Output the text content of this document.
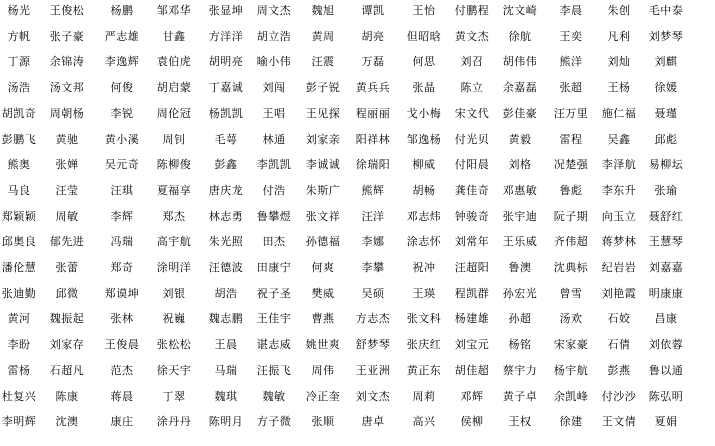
杨光	王俊松	杨鹏	邹邓华	张显坤	周文杰	魏旭	谭凯	王怡	付鹏程	沈文崎	李晨	朱创	毛中泰
方帆	张子豪	严志雄	甘鑫	方洋洋	胡立浩	黄周	胡亮	但昭晗	黄文杰	徐航	王奕	凡利	刘梦琴
丁源	余锦涛	李逸辉	袁伯虎	胡明亮	喻小伟	汪震	万磊	何思	刘召	胡伟伟	熊洋	刘灿	刘麒
汤浩	汤文邦	何俊	胡启蒙	丁嘉诚	刘闯	彭子锐	黄兵兵	张晶	陈立	余嘉磊	张超	王杨	徐媛
胡凯奇	周朝杨	李锐	周伦冠	杨凯凯	王唱	王见探	程丽丽	戈小梅	宋文代	彭佳豪	汪万里	施仁福	聂瑾
彭鹏飞	黄驰	黄小溪	周钊	毛萼	林通	刘家亲	阳祥林	邹逸杨	付光贝	黄毅	雷程	吴鑫	邱彪
熊奥	张婵	吴元奇	陈柳俊	彭鑫	李凯凯	李诚诚	徐瑞阳	柳威	付阳晨	刘格	况楚强	李泽航	易柳坛
马良	汪莹	汪琪	夏福享	唐庆龙	付浩	朱斯广	熊辉	胡畅	龚佳奇	邓惠敏	鲁彪	李东升	张瑜
郑颖颖	周敏	李辉	郑杰	林志勇	鲁攀煜	张文祥	汪洋	邓志炜	钟骏奇	张宇迪	阮子期	向玉立	聂舒红
邱奥良	郁先进	冯瑞	高宇航	朱光照	田杰	孙德福	李娜	涂志怀	刘常年	王乐威	齐伟超	蒋梦林	王慧琴
潘伦慧	张蕾	郑奇	涂明洋	汪德波	田康宁	何爽	李攀	祝冲	汪超阳	鲁澳	沈典标	纪岩岩	刘嘉嘉
张迪勤	邱微	郑谟坤	刘银	胡浩	祝子圣	樊威	吴硕	王瑛	程凯群	孙宏光	曾雪	刘艳霞	明康康
黄河	魏振起	张林	祝巍	魏志鹏	王佳宇	曹燕	方志杰	张文科	杨建雄	孙超	汤欢	石姣	昌康
李盼	刘家存	王俊晨	张松松	王晨	谌志威	姚世爽	舒梦琴	张庆红	刘宝元	杨铭	宋家豪	石倩	刘依蓉
雷杨	石超凡	范杰	徐天宇	马瑞	汪振飞	周伟	王亚洲	黄正东	胡佳超	蔡宇力	杨宇航	彭燕	鲁以通
杜复兴	陈康	蒋晨	丁翠	魏琪	魏敏	冷正奎	刘文杰	周莉	邓辉	黄子卓	余凯峰	付沙沙	陈弘明
李明辉	沈澳	康庄	涂丹丹	陈明月	方子微	张顺	唐卓	高兴	侯柳	王权	徐建	王文倩	夏娟
